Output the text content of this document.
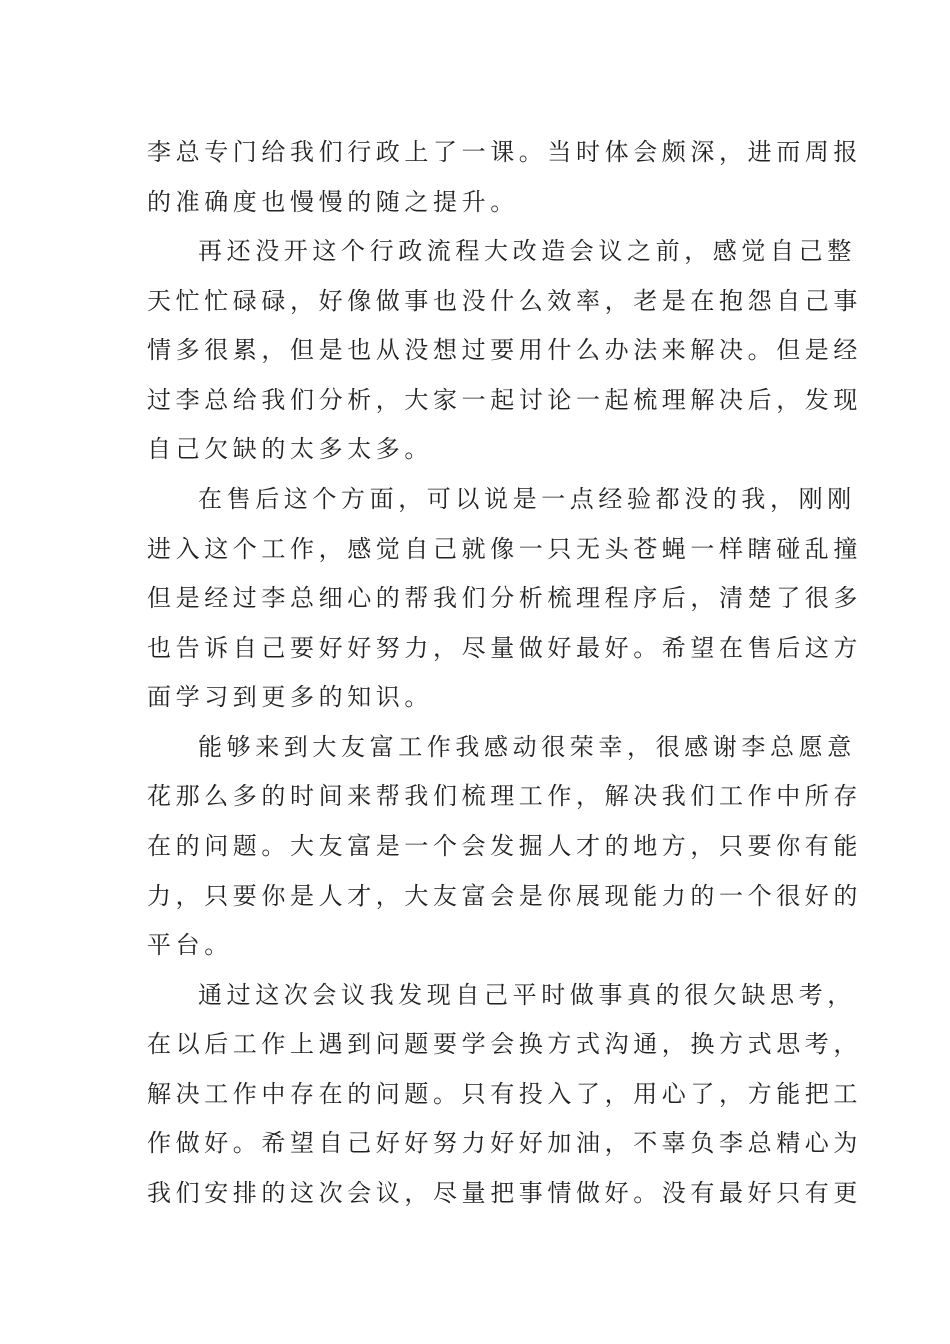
李总专门给我们行政上了一课。当时体会颇深，进而周报
的准确度也慢慢的随之提升。
再还没开这个行政流程大改造会议之前，感觉自己整
天忙忙碌碌，好像做事也没什么效率，老是在抱怨自己事
情多很累，但是也从没想过要用什么办法来解决。但是经
过李总给我们分析，大家一起讨论一起梳理解决后，发现
自己欠缺的太多太多。
在售后这个方面，可以说是一点经验都没的我，刚刚
进入这个工作，感觉自己就像一只无头苍蝇一样瞎碰乱撞
但是经过李总细心的帮我们分析梳理程序后，清楚了很多
也告诉自己要好好努力，尽量做好最好。希望在售后这方
面学习到更多的知识。
能够来到大友富工作我感动很荣幸，很感谢李总愿意
花那么多的时间来帮我们梳理工作，解决我们工作中所存
在的问题。大友富是一个会发掘人才的地方，只要你有能
力，只要你是人才，大友富会是你展现能力的一个很好的
平台。
通过这次会议我发现自己平时做事真的很欠缺思考，
在以后工作上遇到问题要学会换方式沟通，换方式思考，
解决工作中存在的问题。只有投入了，用心了，方能把工
作做好。希望自己好好努力好好加油，不辜负李总精心为
我们安排的这次会议，尽量把事情做好。没有最好只有更
